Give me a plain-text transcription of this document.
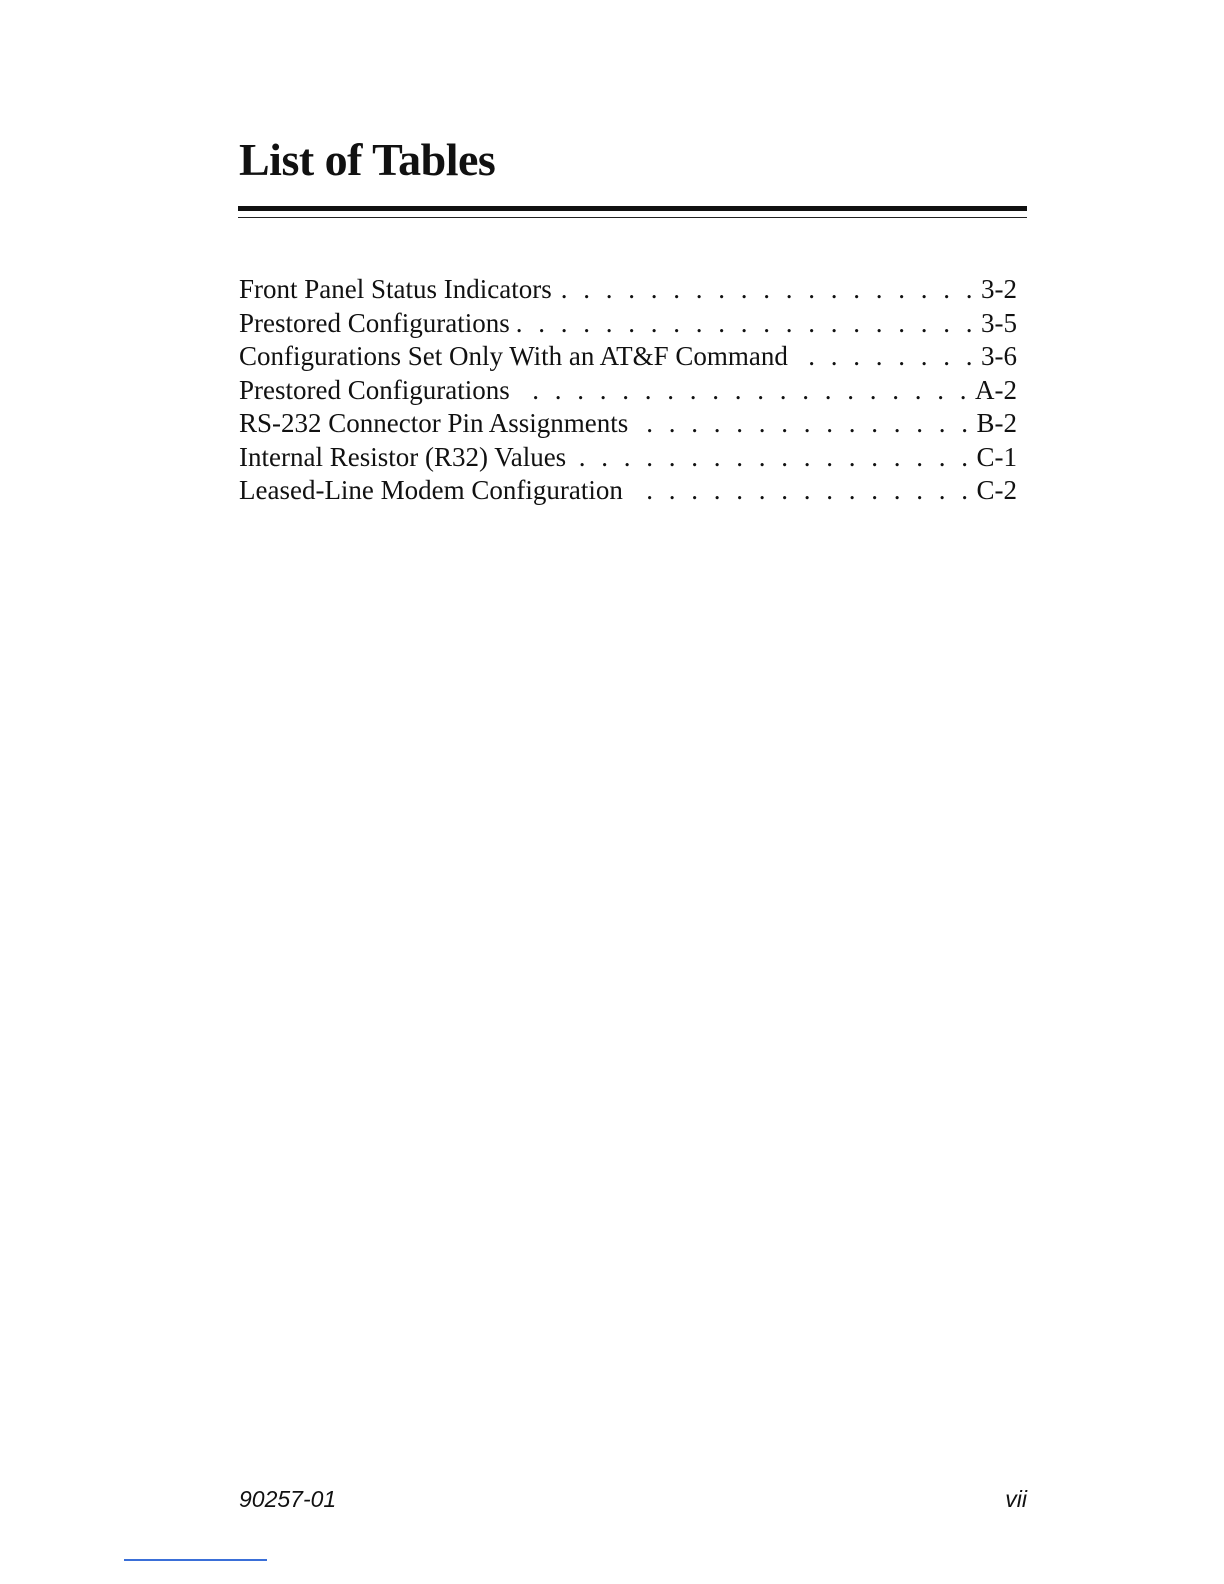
List of Tables
Front Panel Status Indicators . . .	3-2
Prestored Configurations . . .	3-5
Configurations Set Only With an AT&F Command . . .	3-6
Prestored Configurations . . .	A-2
RS-232 Connector Pin Assignments . . .	B-2
Internal Resistor (R32) Values . . .	C-1
Leased-Line Modem Configuration . . .	C-2
90257-01	vii
